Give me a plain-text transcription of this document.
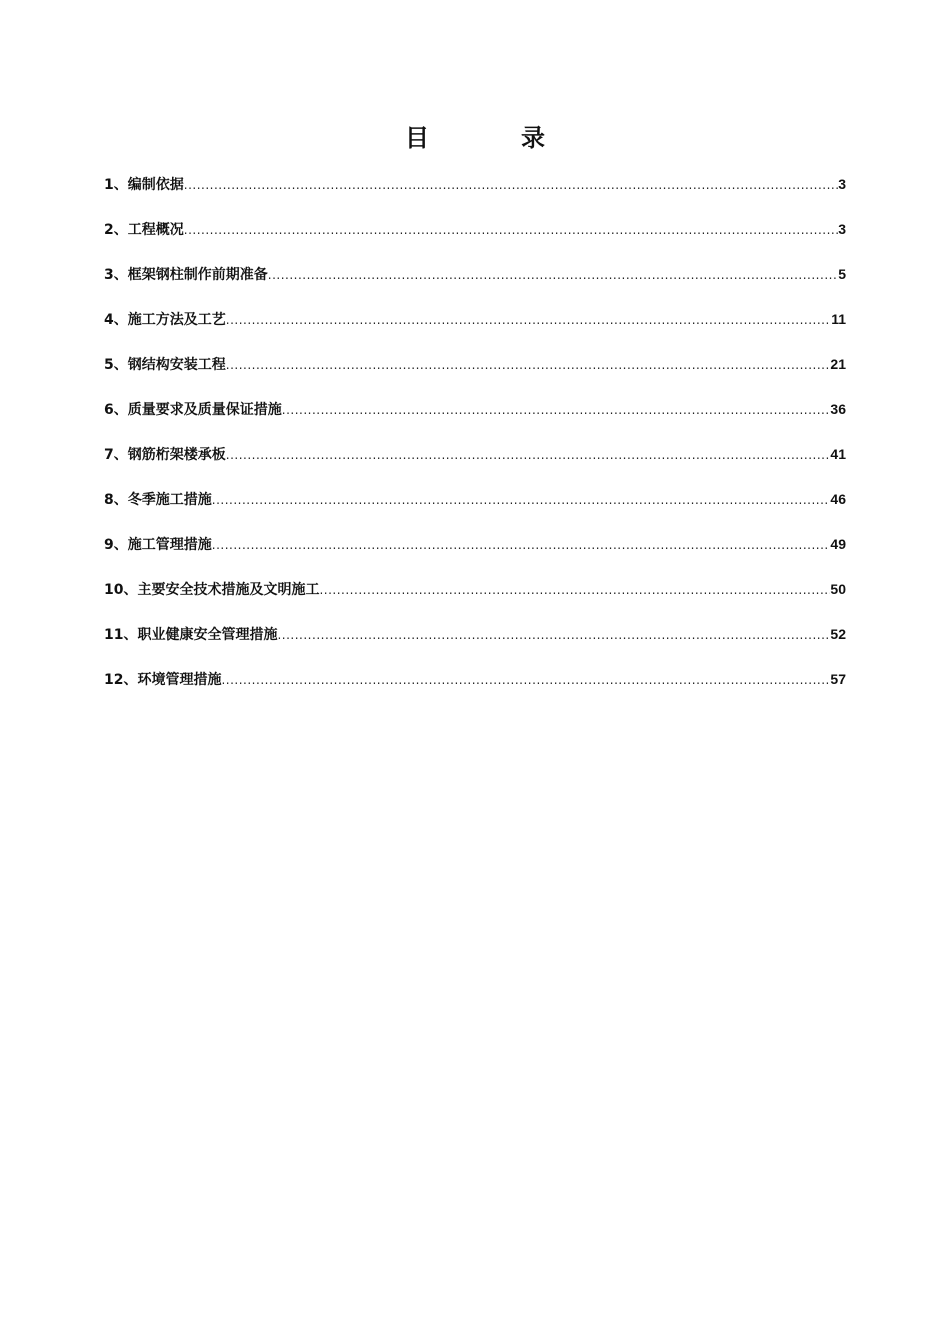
目　录
1、编制依据 .....	3
2、工程概况 .....	3
3、框架钢柱制作前期准备 .....	5
4、施工方法及工艺 .....	11
5、钢结构安装工程 .....	21
6、质量要求及质量保证措施 .....	36
7、钢筋桁架楼承板 .....	41
8、冬季施工措施 .....	46
9、施工管理措施 .....	49
10、主要安全技术措施及文明施工 .....	50
11、职业健康安全管理措施 .....	52
12、环境管理措施 .....	57
